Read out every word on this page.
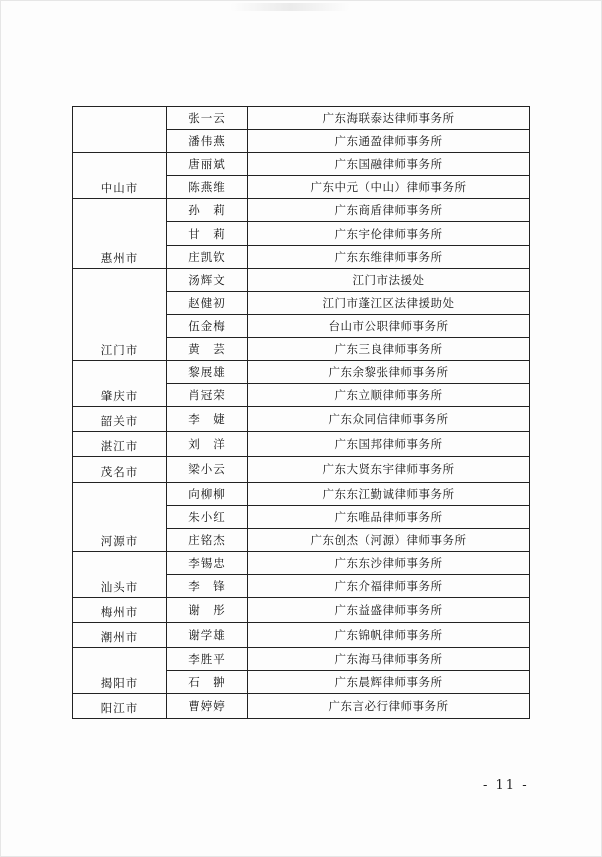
	张一云	广东海联泰达律师事务所
	潘伟燕	广东通盈律师事务所
中山市	唐丽斌	广东国融律师事务所
	陈燕维	广东中元（中山）律师事务所
惠州市	孙　莉	广东商盾律师事务所
	甘　莉	广东宇伦律师事务所
	庄凯钦	广东东维律师事务所
江门市	汤辉文	江门市法援处
	赵健初	江门市蓬江区法律援助处
	伍金梅	台山市公职律师事务所
	黄　芸	广东三良律师事务所
肇庆市	黎展雄	广东余黎张律师事务所
	肖冠荣	广东立顺律师事务所
韶关市	李　婕	广东众同信律师事务所
湛江市	刘　洋	广东国邦律师事务所
茂名市	梁小云	广东大贤东宇律师事务所
河源市	向柳柳	广东东江勤诚律师事务所
	朱小红	广东唯品律师事务所
	庄铭杰	广东创杰（河源）律师事务所
汕头市	李锡忠	广东东沙律师事务所
	李　锋	广东介福律师事务所
梅州市	谢　彤	广东益盛律师事务所
潮州市	谢学雄	广东锦帆律师事务所
揭阳市	李胜平	广东海马律师事务所
	石　翀	广东晨辉律师事务所
阳江市	曹婷婷	广东言必行律师事务所
- 11 -
